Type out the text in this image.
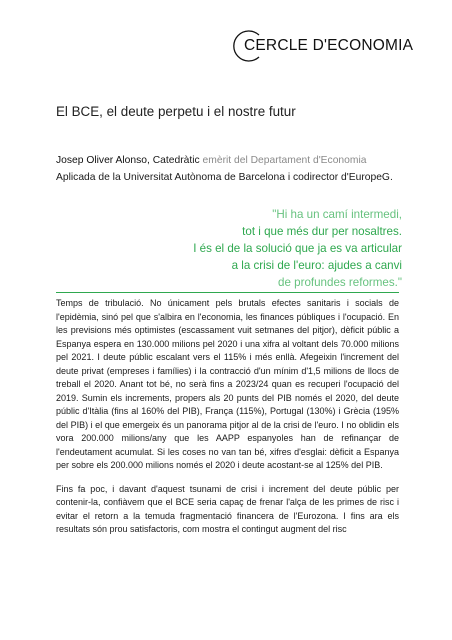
CERCLE D'ECONOMIA
El BCE, el deute perpetu i el nostre futur
Josep Oliver Alonso, Catedràtic emèrit del Departament d'Economia
Aplicada de la Universitat Autònoma de Barcelona i codirector d'EuropeG.
"Hi ha un camí intermedi,
tot i que més dur per nosaltres.
I és el de la solució que ja es va articular
a la crisi de l'euro: ajudes a canvi
de profundes reformes."

Temps de tribulació. No únicament pels brutals efectes sanitaris i socials de l'epidèmia, sinó pel que s'albira en l'economia, les finances públiques i l'ocupació. En les previsions més optimistes (escassament vuit setmanes del pitjor), dèficit públic a Espanya espera en 130.000 milions pel 2020 i una xifra al voltant dels 70.000 milions pel 2021. I deute públic escalant vers el 115% i més enllà. Afegeixin l'increment del deute privat (empreses i famílies) i la contracció d'un mínim d'1,5 milions de llocs de treball el 2020. Anant tot bé, no serà fins a 2023/24 quan es recuperi l'ocupació del 2019. Sumin els increments, propers als 20 punts del PIB només el 2020, del deute públic d'Itàlia (fins al 160% del PIB), França (115%), Portugal (130%) i Grècia (195% del PIB) i el que emergeix és un panorama pitjor al de la crisi de l'euro. I no oblidin els vora 200.000 milions/any que les AAPP espanyoles han de refinançar de l'endeutament acumulat. Si les coses no van tan bé, xifres d'esglai: dèficit a Espanya per sobre els 200.000 milions només el 2020 i deute acostant-se al 125% del PIB.

Fins fa poc, i davant d'aquest tsunami de crisi i increment del deute públic per contenir-la, confiàvem que el BCE seria capaç de frenar l'alça de les primes de risc i evitar el retorn a la temuda fragmentació financera de l'Eurozona. I fins ara els resultats són prou satisfactoris, com mostra el contingut augment del risc
